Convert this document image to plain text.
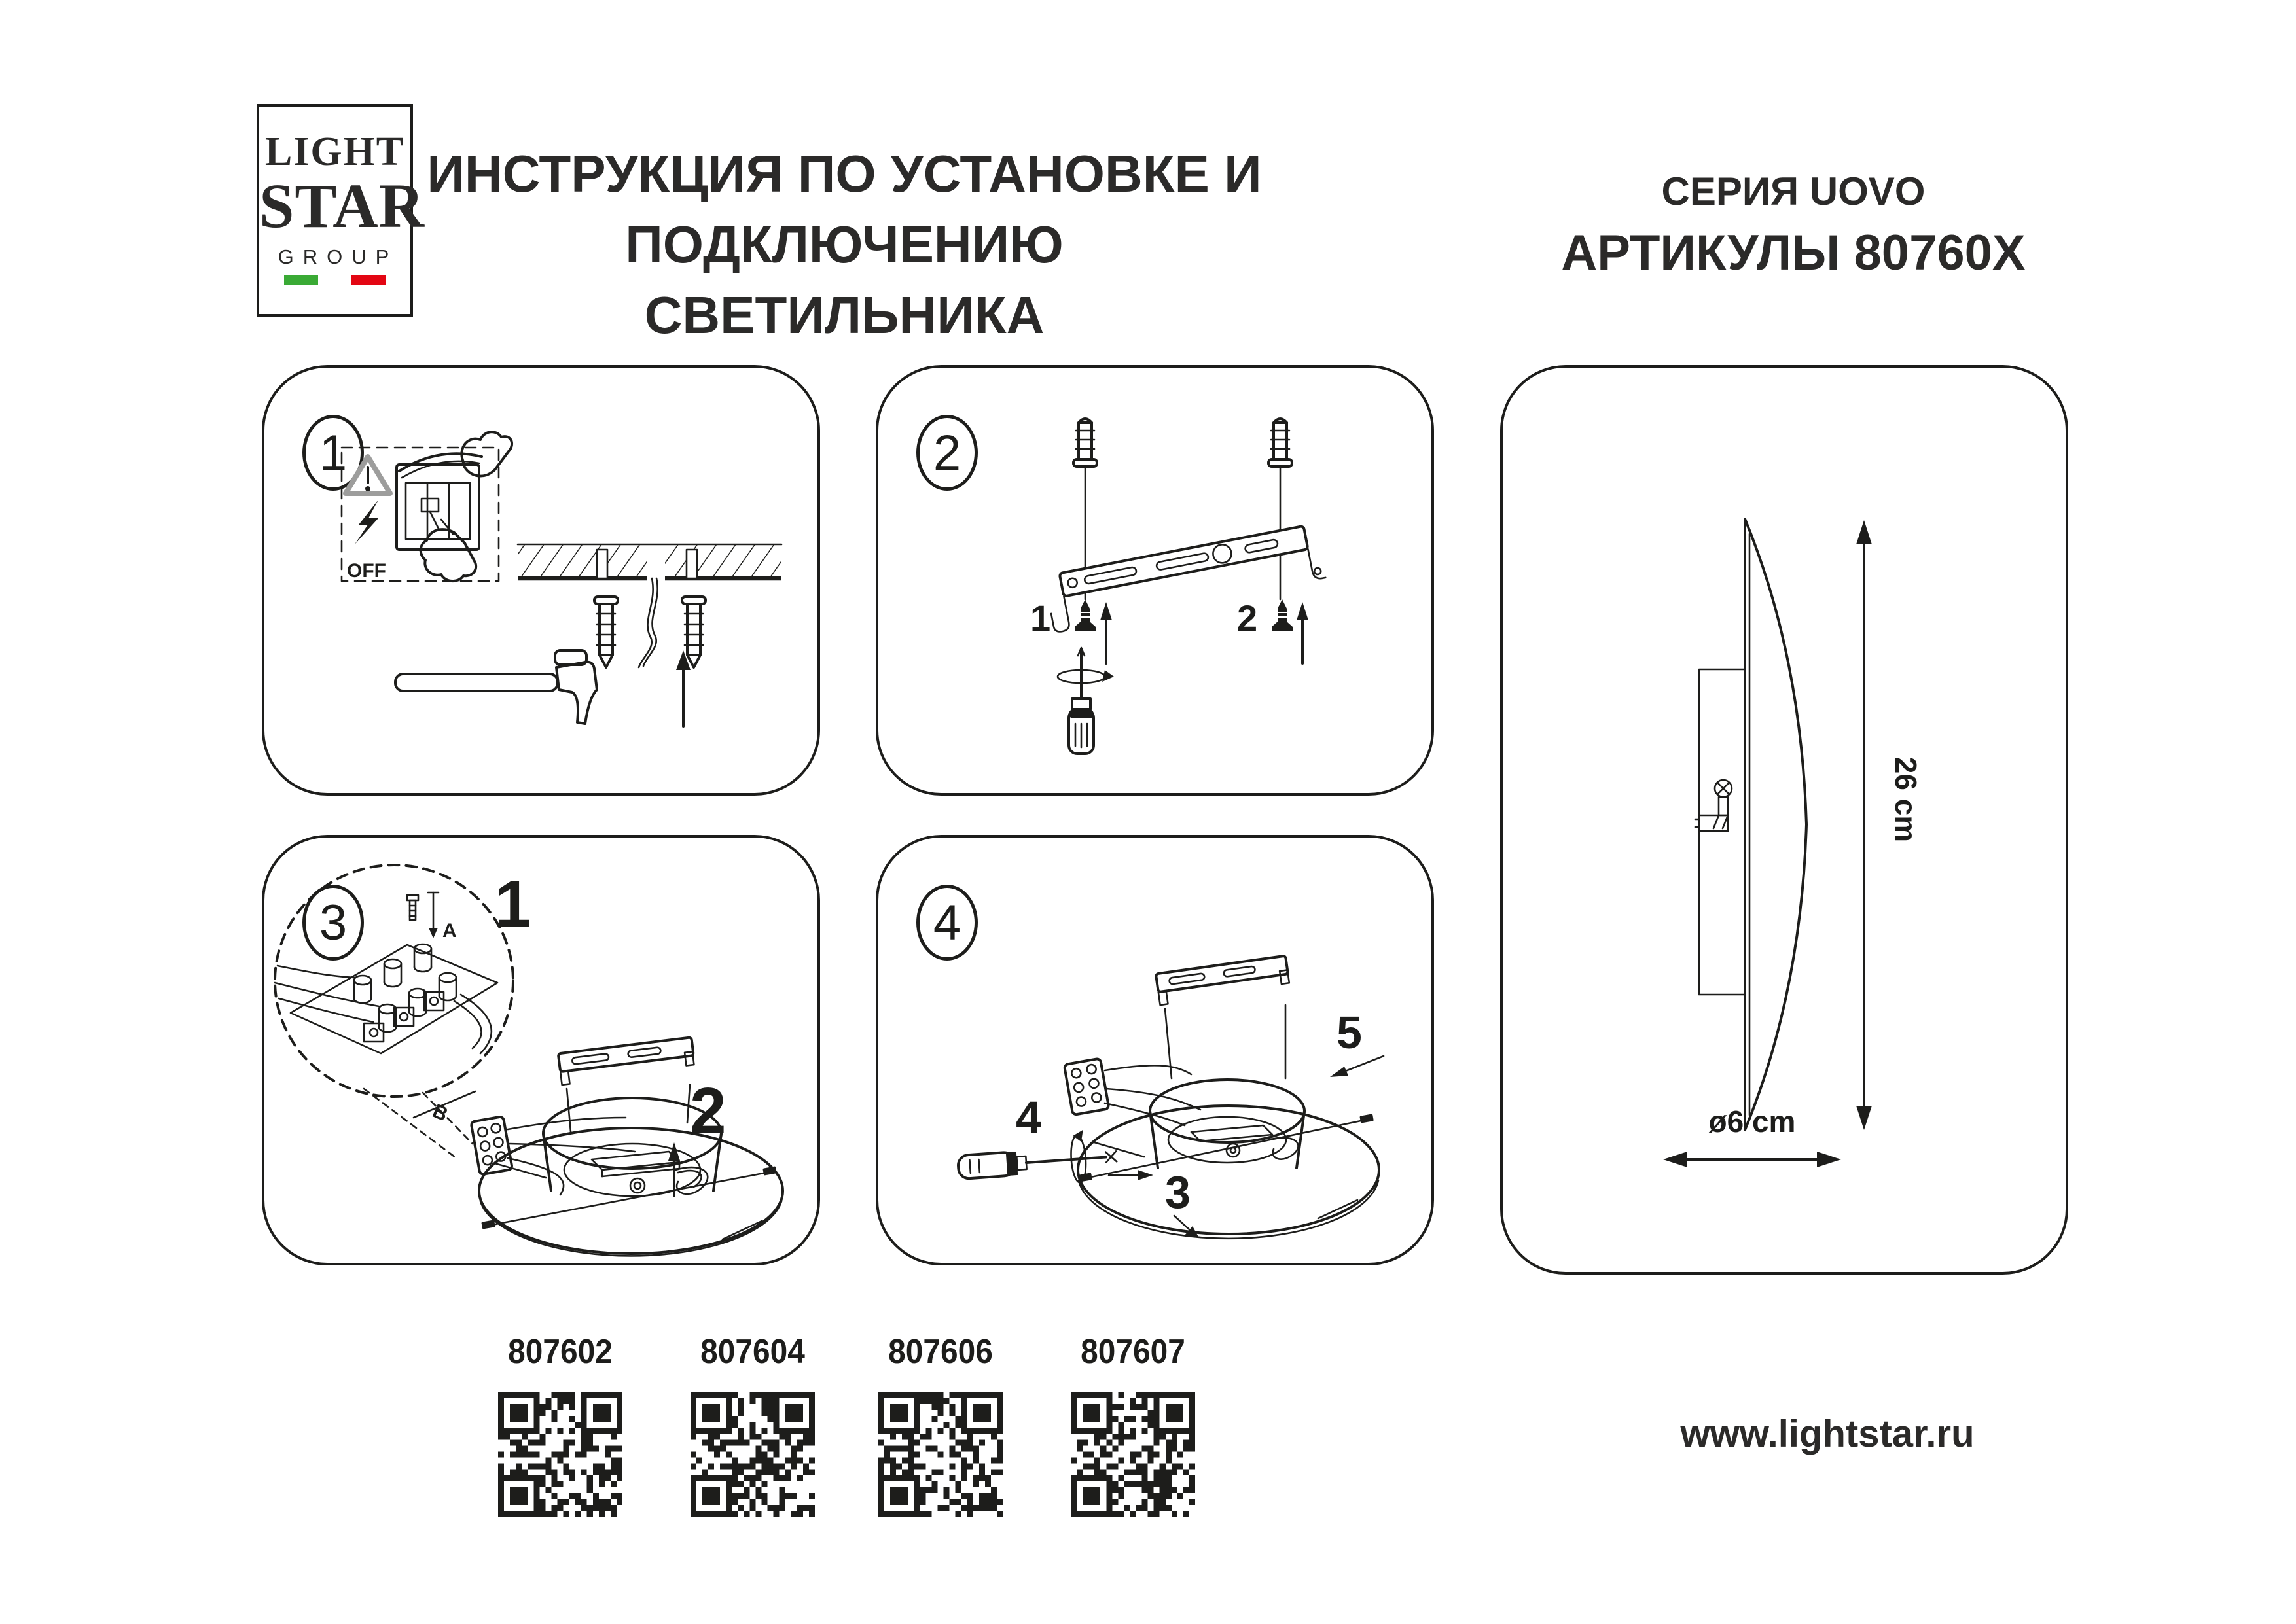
LIGHT
STAR
GROUP
ИНСТРУКЦИЯ ПО УСТАНОВКЕ И
ПОДКЛЮЧЕНИЮ СВЕТИЛЬНИКА
СЕРИЯ UOVO
АРТИКУЛЫ 80760X
1
OFF
2
1	2
3	A
B
1
2
4
4
3
5
26 cm
ø6 cm
807602	807604 807606	807607
www.lightstar.ru
